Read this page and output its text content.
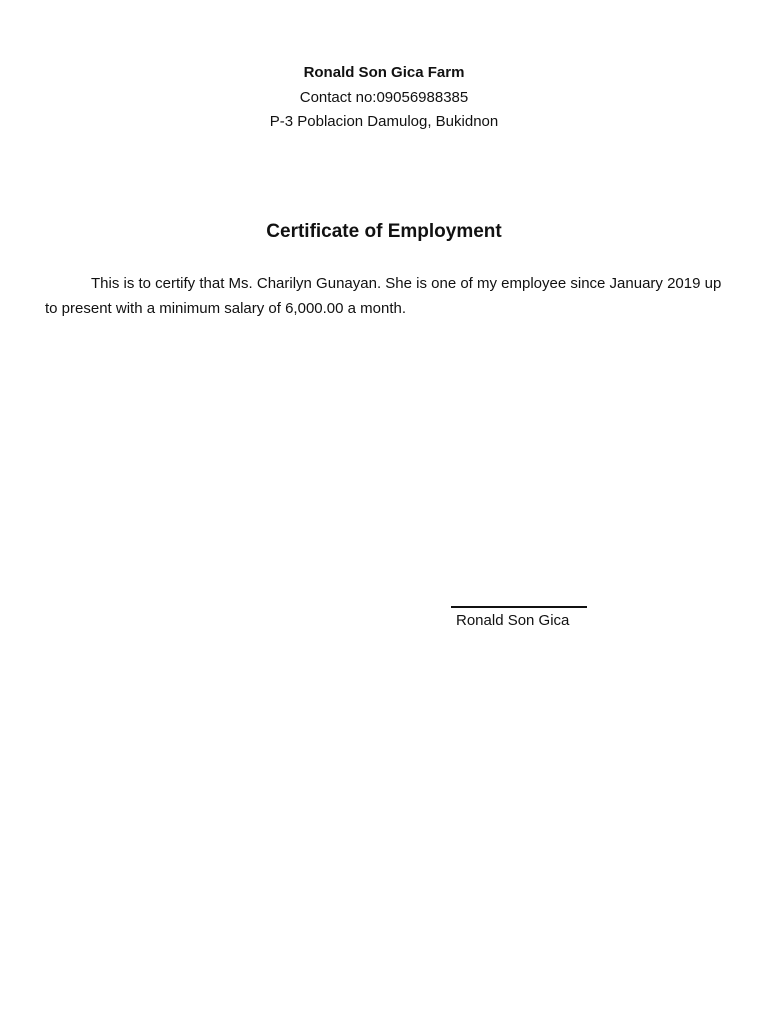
Ronald Son Gica Farm
Contact no:09056988385
P-3 Poblacion Damulog, Bukidnon
Certificate of Employment

This is to certify that Ms. Charilyn Gunayan. She is one of my employee since January 2019 up to present with a minimum salary of 6,000.00 a month.

Ronald Son Gica
